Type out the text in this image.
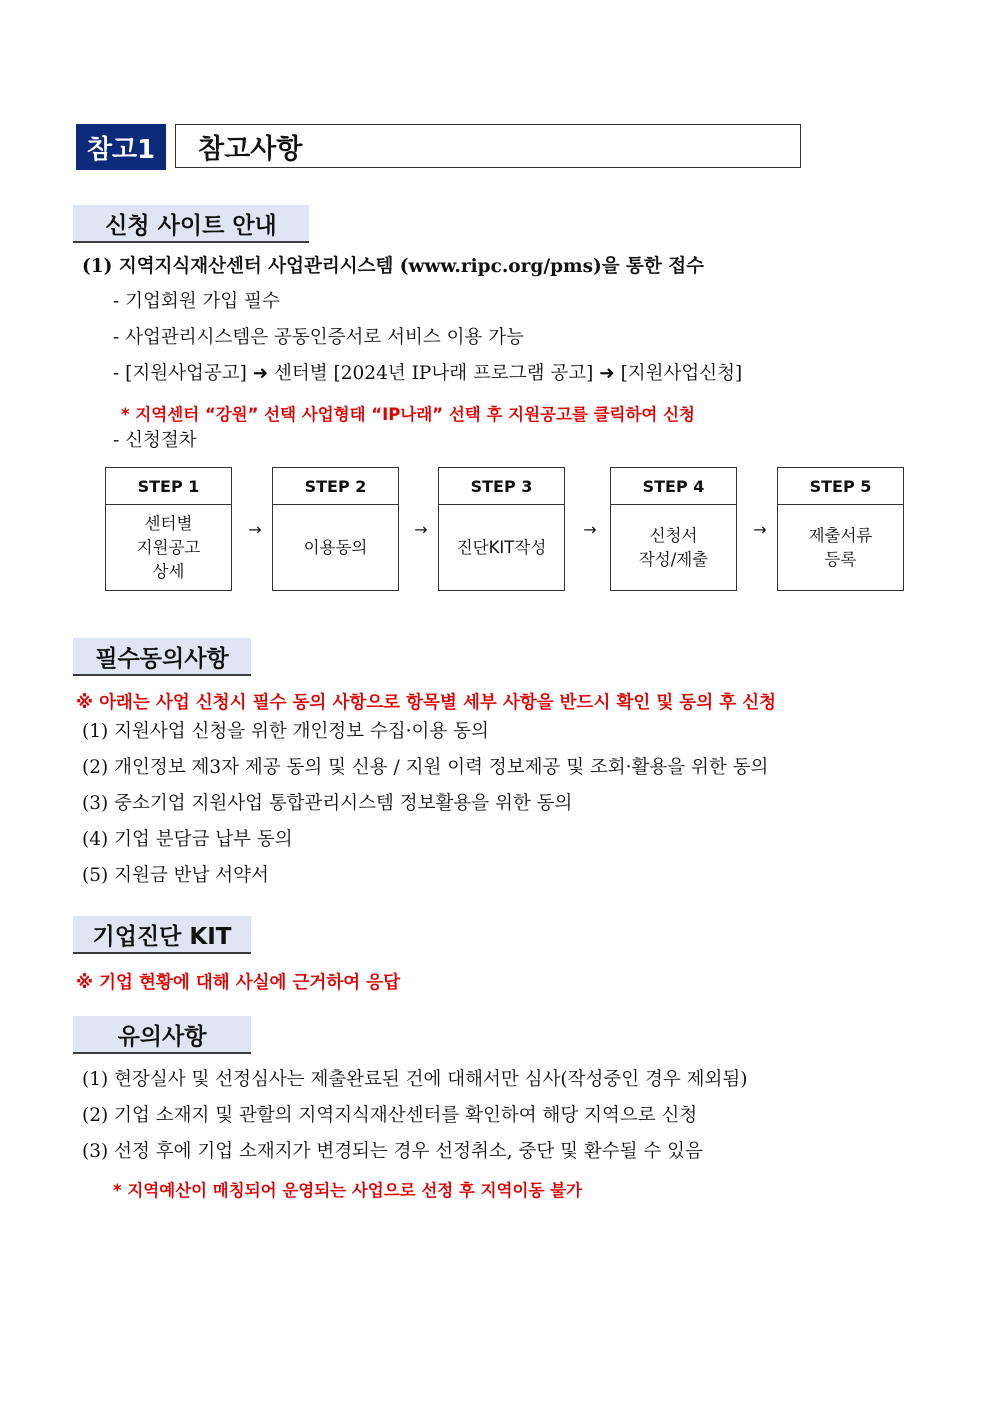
참고1	참고사항
신청 사이트 안내
(1) 지역지식재산센터 사업관리시스템 (www.ripc.org/pms)을 통한 접수
- 기업회원 가입 필수
- 사업관리시스템은 공동인증서로 서비스 이용 가능
- [지원사업공고] ➜ 센터별 [2024년 IP나래 프로그램 공고] ➜ [지원사업신청]
* 지역센터 “강원” 선택 사업형태 “IP나래” 선택 후 지원공고를 클릭하여 신청
- 신청절차
STEP 1
센터별
지원공고
상세
→
STEP 2
이용동의
→
STEP 3
진단KIT작성
→
STEP 4
신청서
작성/제출
→
STEP 5
제출서류
등록
필수동의사항
※ 아래는 사업 신청시 필수 동의 사항으로 항목별 세부 사항을 반드시 확인 및 동의 후 신청
(1) 지원사업 신청을 위한 개인정보 수집·이용 동의
(2) 개인정보 제3자 제공 동의 및 신용 / 지원 이력 정보제공 및 조회·활용을 위한 동의
(3) 중소기업 지원사업 통합관리시스템 정보활용을 위한 동의
(4) 기업 분담금 납부 동의
(5) 지원금 반납 서약서
기업진단 KIT
※ 기업 현황에 대해 사실에 근거하여 응답
유의사항
(1) 현장실사 및 선정심사는 제출완료된 건에 대해서만 심사(작성중인 경우 제외됨)
(2) 기업 소재지 및 관할의 지역지식재산센터를 확인하여 해당 지역으로 신청
(3) 선정 후에 기업 소재지가 변경되는 경우 선정취소, 중단 및 환수될 수 있음
* 지역예산이 매칭되어 운영되는 사업으로 선정 후 지역이동 불가
